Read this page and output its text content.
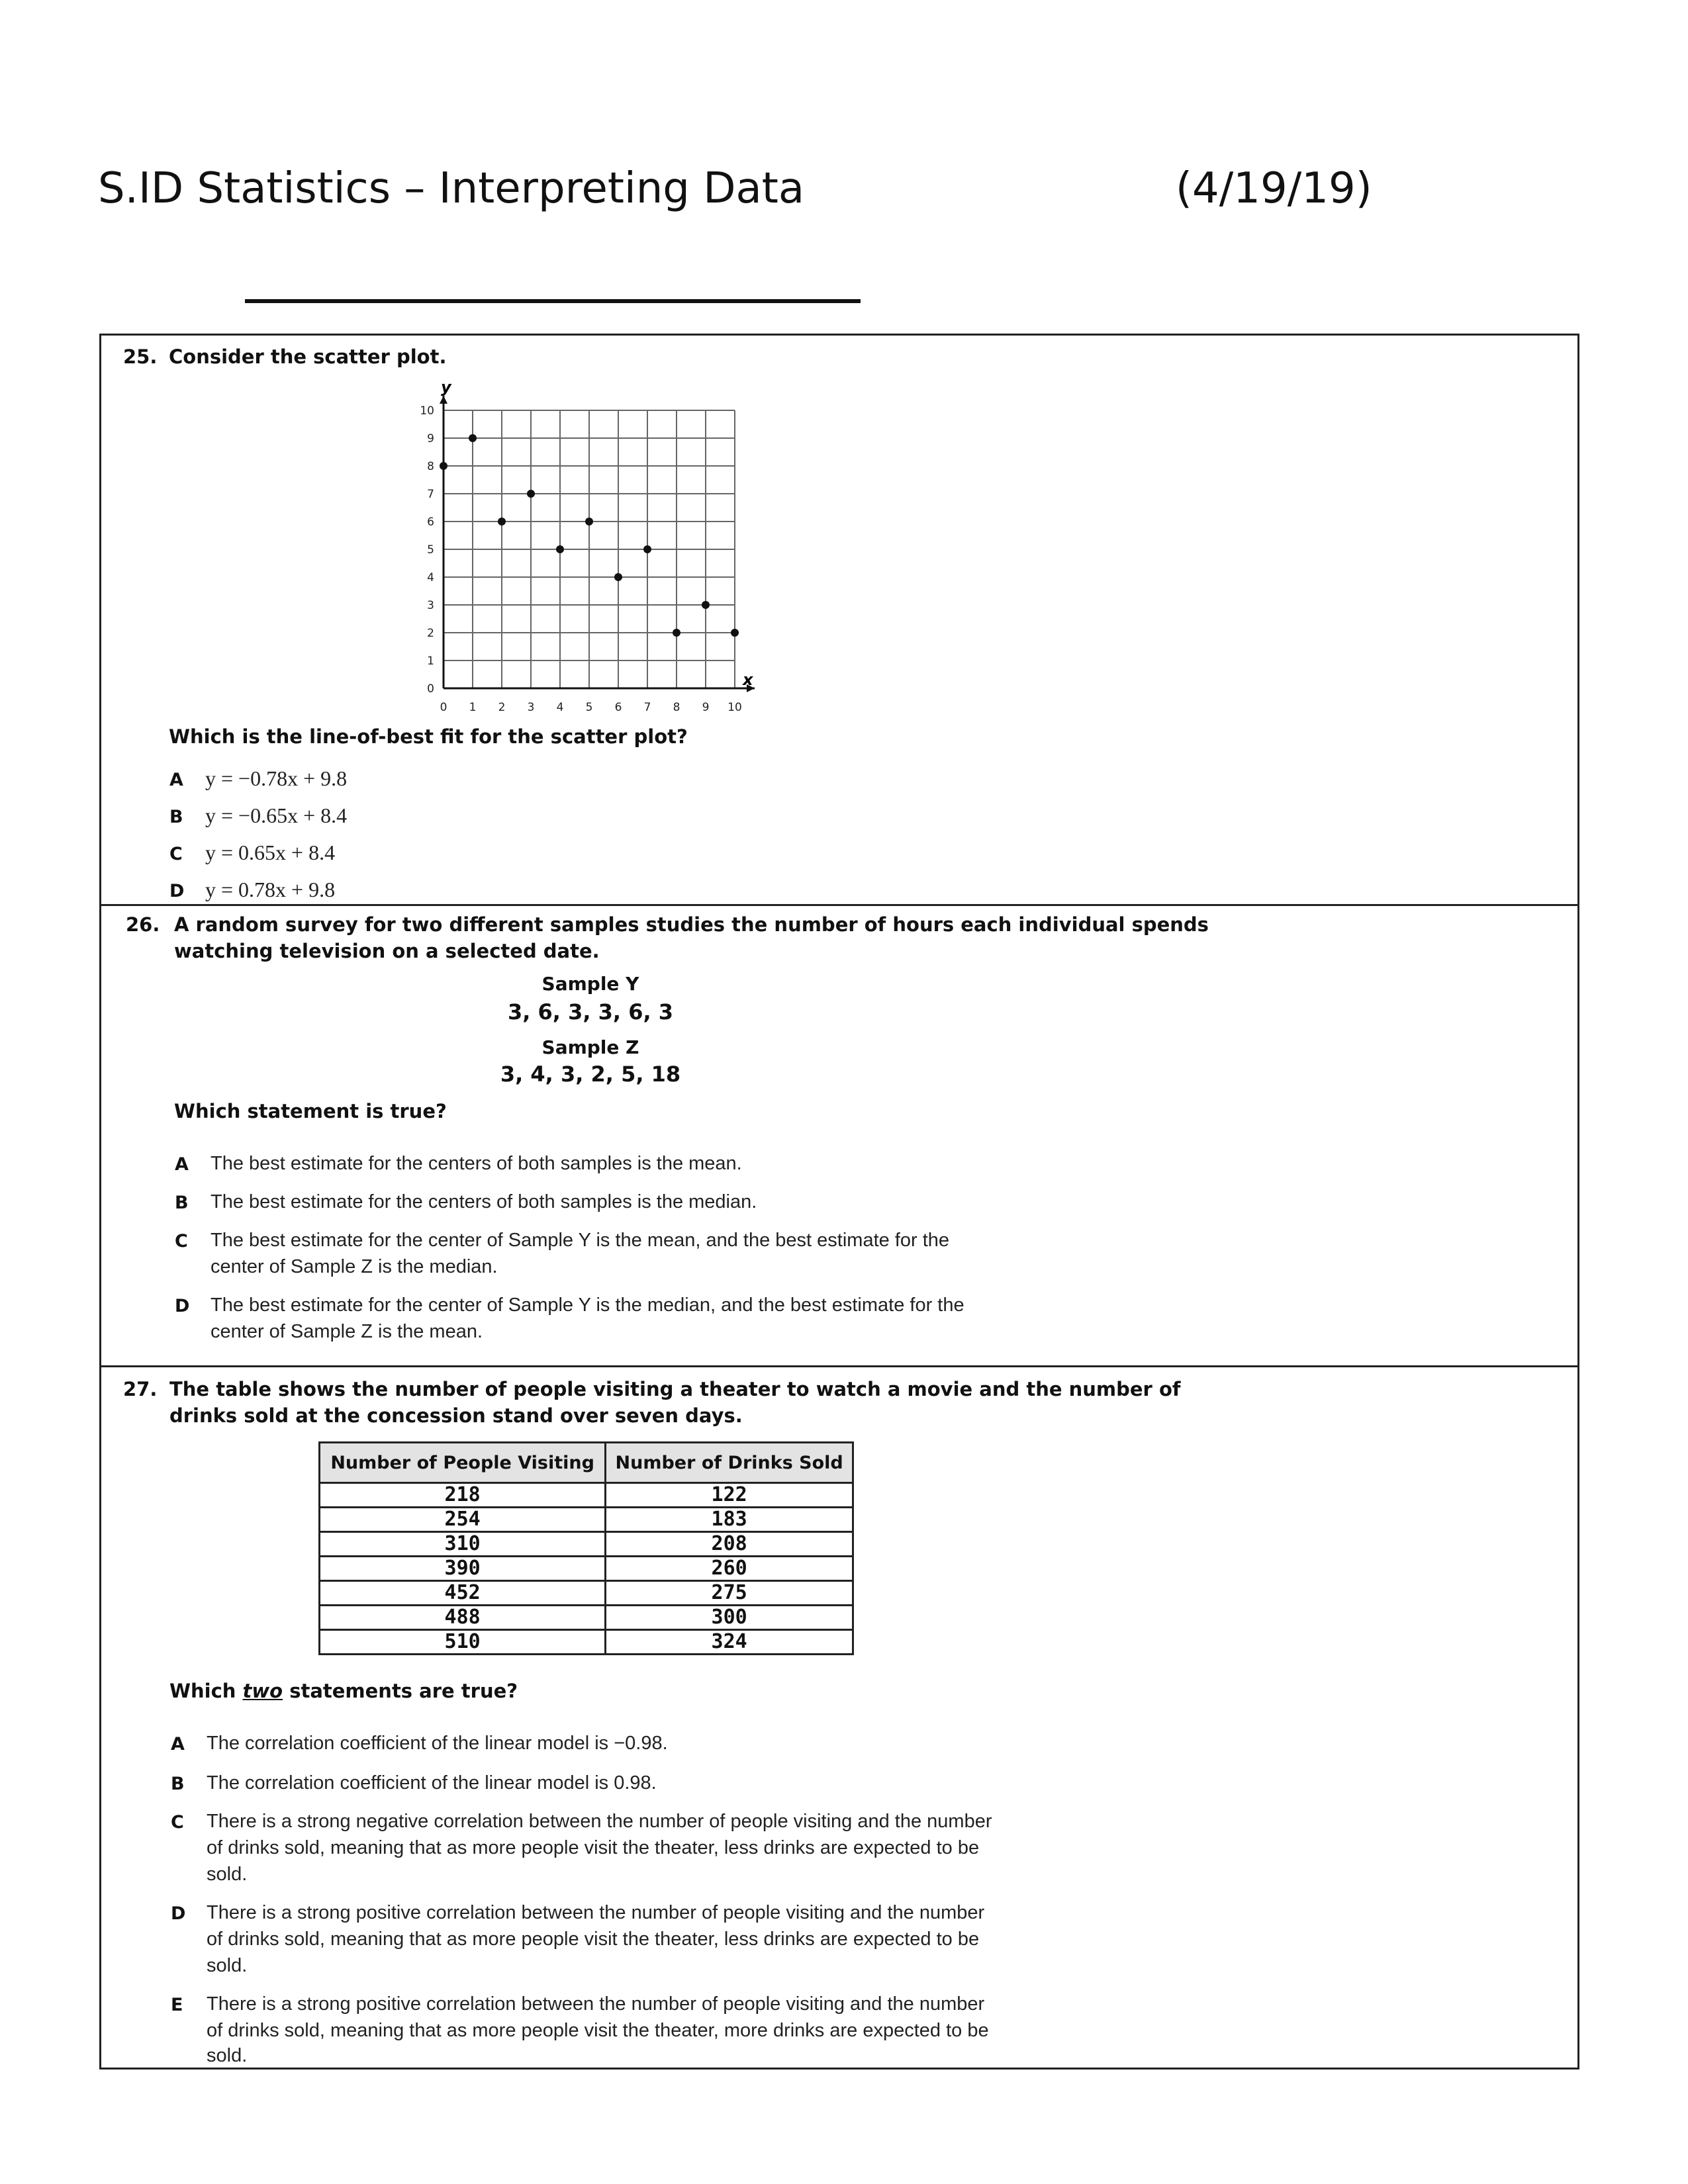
S.ID Statistics – Interpreting Data	(4/19/19)
25. Consider the scatter plot.
0 1 2 3 4 5 6 7 8 9 10
0
1
2
3
4
5
6
7
8
9
10
x
y
Which is the line-of-best fit for the scatter plot?
A y = −0.78x + 9.8
B y = −0.65x + 8.4
C y = 0.65x + 8.4
D y = 0.78x + 9.8
26. A random survey for two different samples studies the number of hours each individual spends
watching television on a selected date.
Sample Y
3, 6, 3, 3, 6, 3
Sample Z
3, 4, 3, 2, 5, 18
Which statement is true?
A The best estimate for the centers of both samples is the mean.
B The best estimate for the centers of both samples is the median.
C The best estimate for the center of Sample Y is the mean, and the best estimate for the
center of Sample Z is the median.
D The best estimate for the center of Sample Y is the median, and the best estimate for the
center of Sample Z is the mean.
27. The table shows the number of people visiting a theater to watch a movie and the number of
drinks sold at the concession stand over seven days.
Number of People Visiting	Number of Drinks Sold
218	122
254	183
310	208
390	260
452	275
488	300
510	324
Which two statements are true?
A The correlation coefficient of the linear model is −0.98.
B The correlation coefficient of the linear model is 0.98.
C There is a strong negative correlation between the number of people visiting and the number
of drinks sold, meaning that as more people visit the theater, less drinks are expected to be
sold.
D There is a strong positive correlation between the number of people visiting and the number
of drinks sold, meaning that as more people visit the theater, less drinks are expected to be
sold.
E There is a strong positive correlation between the number of people visiting and the number
of drinks sold, meaning that as more people visit the theater, more drinks are expected to be
sold.
